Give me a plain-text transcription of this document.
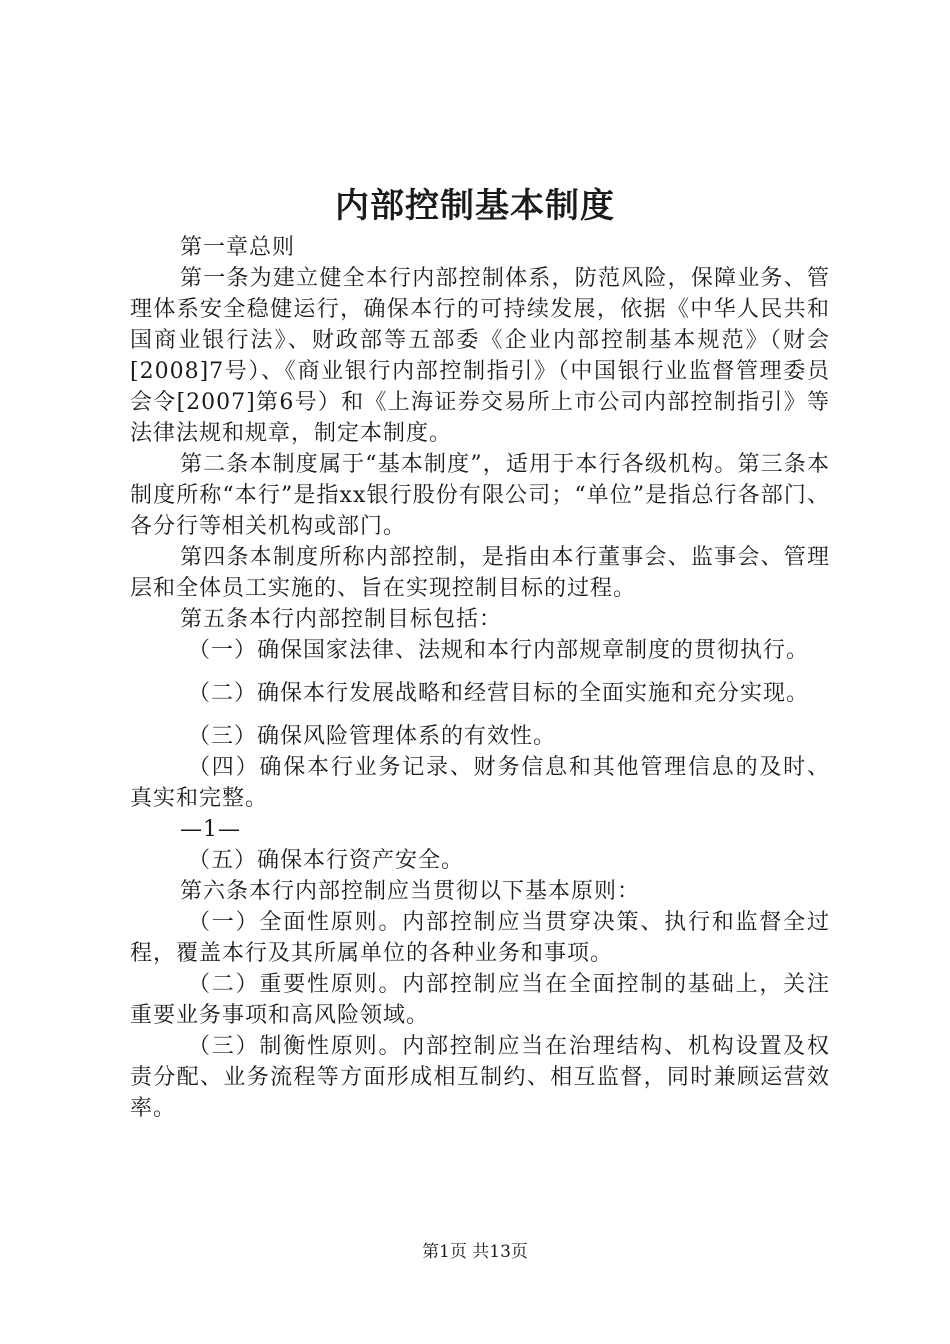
内部控制基本制度

第一章总则

第一条为建立健全本行内部控制体系，防范风险，保障业务、管理体系安全稳健运行，确保本行的可持续发展，依据《中华人民共和国商业银行法》、财政部等五部委《企业内部控制基本规范》（财会[2008]7号）、《商业银行内部控制指引》（中国银行业监督管理委员会令[2007]第6号）和《上海证券交易所上市公司内部控制指引》等法律法规和规章，制定本制度。

第二条本制度属于“基本制度”，适用于本行各级机构。第三条本制度所称“本行”是指xx银行股份有限公司；“单位”是指总行各部门、各分行等相关机构或部门。

第四条本制度所称内部控制，是指由本行董事会、监事会、管理层和全体员工实施的、旨在实现控制目标的过程。

第五条本行内部控制目标包括：

（一）确保国家法律、法规和本行内部规章制度的贯彻执行。

（二）确保本行发展战略和经营目标的全面实施和充分实现。

（三）确保风险管理体系的有效性。

（四）确保本行业务记录、财务信息和其他管理信息的及时、真实和完整。

—1—

（五）确保本行资产安全。

第六条本行内部控制应当贯彻以下基本原则：

（一）全面性原则。内部控制应当贯穿决策、执行和监督全过程，覆盖本行及其所属单位的各种业务和事项。

（二）重要性原则。内部控制应当在全面控制的基础上，关注重要业务事项和高风险领域。

（三）制衡性原则。内部控制应当在治理结构、机构设置及权责分配、业务流程等方面形成相互制约、相互监督，同时兼顾运营效率。

第1页 共13页
